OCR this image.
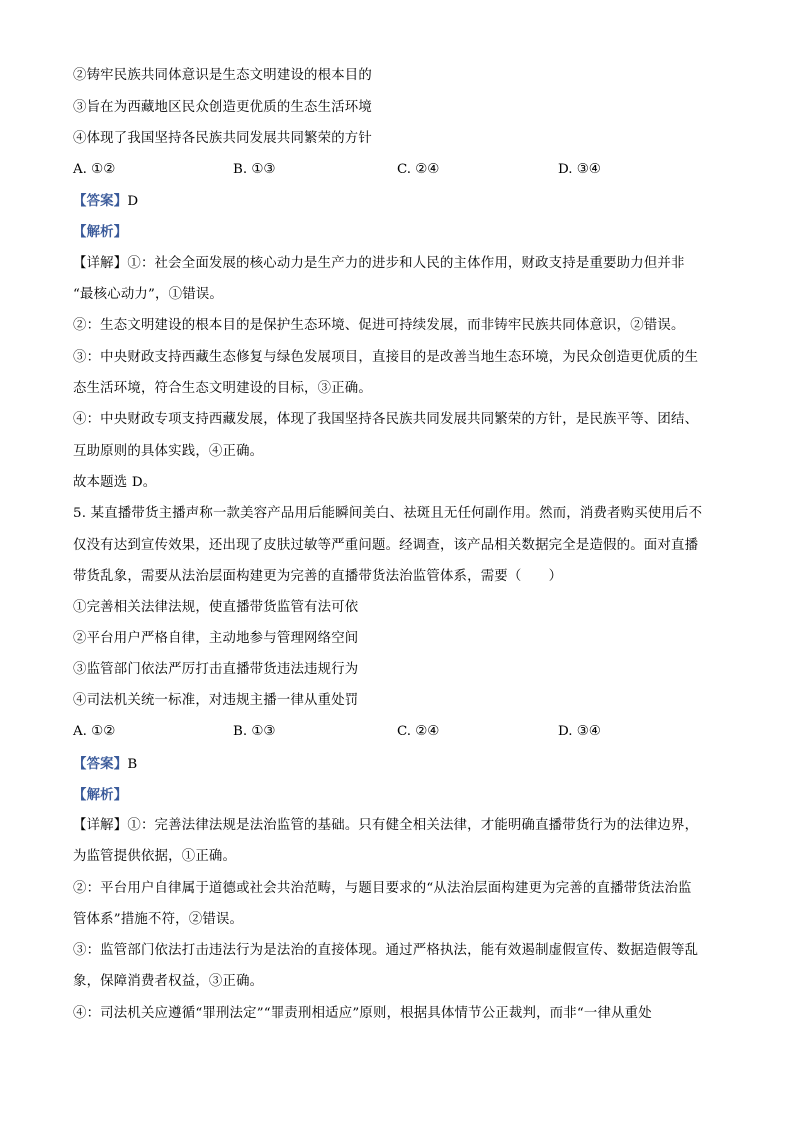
②铸牢民族共同体意识是生态文明建设的根本目的
③旨在为西藏地区民众创造更优质的生态生活环境
④体现了我国坚持各民族共同发展共同繁荣的方针
A. ①②	B. ①③	C. ②④	D. ③④
【答案】D
【解析】
【详解】①：社会全面发展的核心动力是生产力的进步和人民的主体作用，财政支持是重要助力但并非
“最核心动力”，①错误。
②：生态文明建设的根本目的是保护生态环境、促进可持续发展，而非铸牢民族共同体意识，②错误。
③：中央财政支持西藏生态修复与绿色发展项目，直接目的是改善当地生态环境，为民众创造更优质的生
态生活环境，符合生态文明建设的目标，③正确。
④：中央财政专项支持西藏发展，体现了我国坚持各民族共同发展共同繁荣的方针，是民族平等、团结、
互助原则的具体实践，④正确。
故本题选 D。
5. 某直播带货主播声称一款美容产品用后能瞬间美白、祛斑且无任何副作用。然而，消费者购买使用后不
仅没有达到宣传效果，还出现了皮肤过敏等严重问题。经调查，该产品相关数据完全是造假的。面对直播
带货乱象，需要从法治层面构建更为完善的直播带货法治监管体系，需要（　　）
①完善相关法律法规，使直播带货监管有法可依
②平台用户严格自律，主动地参与管理网络空间
③监管部门依法严厉打击直播带货违法违规行为
④司法机关统一标准，对违规主播一律从重处罚
A. ①②	B. ①③	C. ②④	D. ③④
【答案】B
【解析】
【详解】①：完善法律法规是法治监管的基础。只有健全相关法律，才能明确直播带货行为的法律边界，
为监管提供依据，①正确。
②：平台用户自律属于道德或社会共治范畴，与题目要求的“从法治层面构建更为完善的直播带货法治监
管体系”措施不符，②错误。
③：监管部门依法打击违法行为是法治的直接体现。通过严格执法，能有效遏制虚假宣传、数据造假等乱
象，保障消费者权益，③正确。
④：司法机关应遵循“罪刑法定”“罪责刑相适应”原则，根据具体情节公正裁判，而非“一律从重处
